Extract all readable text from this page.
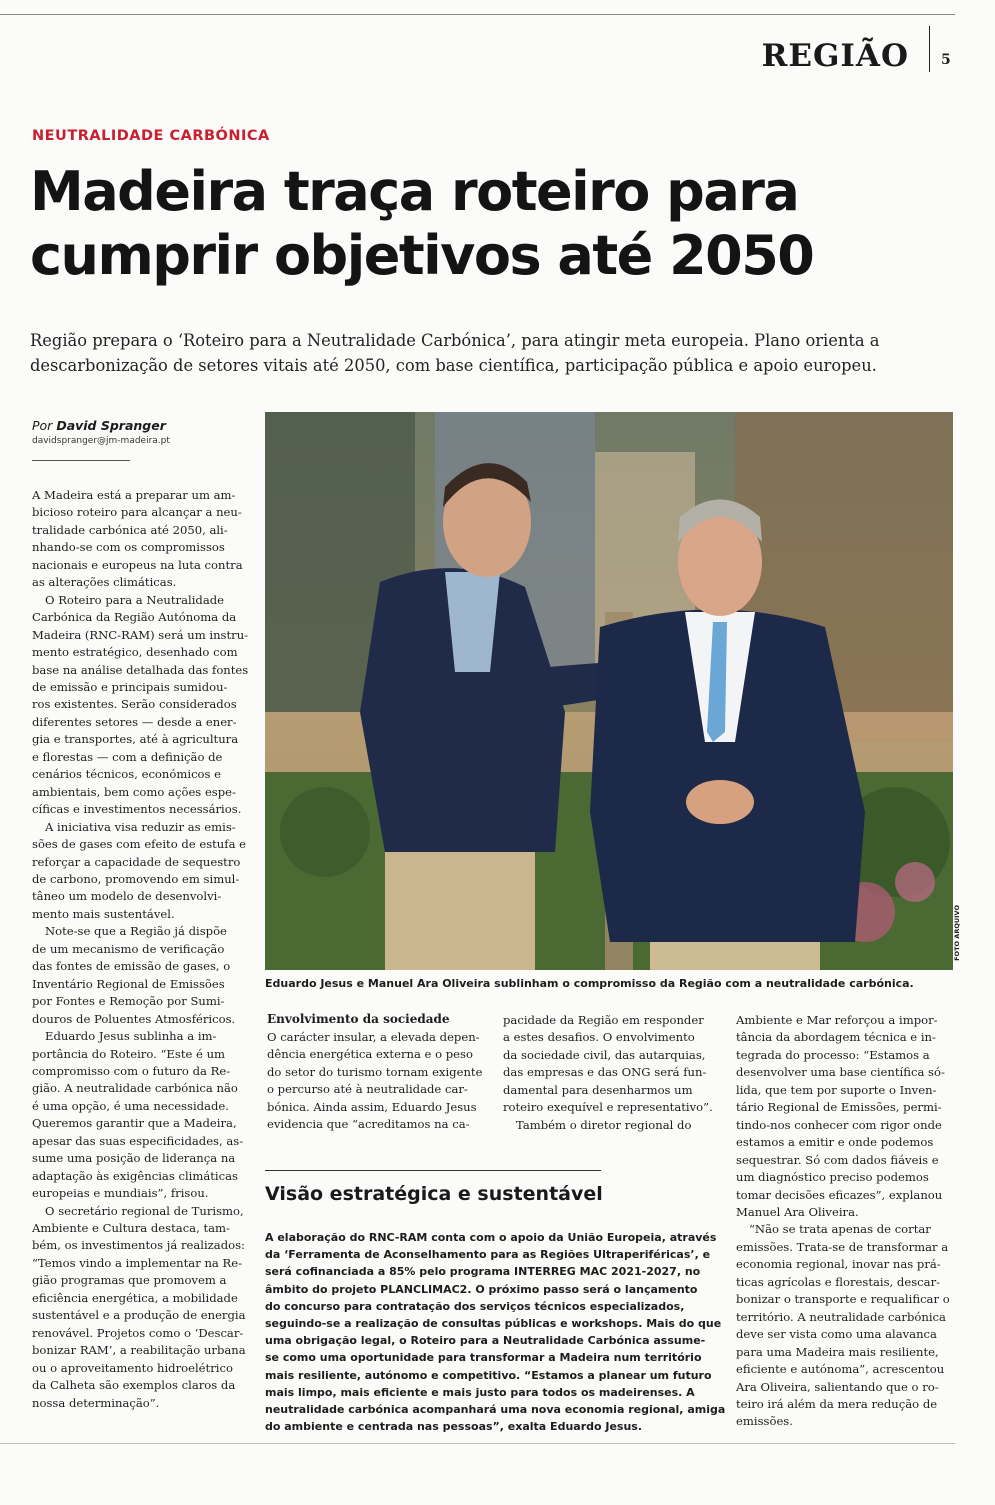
REGIÃO 5
NEUTRALIDADE CARBÓNICA
Madeira traça roteiro para
cumprir objetivos até 2050
Região prepara o ‘Roteiro para a Neutralidade Carbónica’, para atingir meta europeia. Plano orienta a
descarbonização de setores vitais até 2050, com base científica, participação pública e apoio europeu.
Por David Spranger
davidspranger@jm-madeira.pt
A Madeira está a preparar um am-
bicioso roteiro para alcançar a neu-
tralidade carbónica até 2050, ali-
nhando-se com os compromissos
nacionais e europeus na luta contra
as alterações climáticas.
O Roteiro para a Neutralidade
Carbónica da Região Autónoma da
Madeira (RNC-RAM) será um instru-
mento estratégico, desenhado com
base na análise detalhada das fontes
de emissão e principais sumidou-
ros existentes. Serão considerados
diferentes setores — desde a ener-
gia e transportes, até à agricultura
e florestas — com a definição de
cenários técnicos, económicos e
ambientais, bem como ações espe-
cíficas e investimentos necessários.
A iniciativa visa reduzir as emis-
sões de gases com efeito de estufa e
reforçar a capacidade de sequestro
de carbono, promovendo em simul-
tâneo um modelo de desenvolvi-
mento mais sustentável.
Note-se que a Região já dispõe
de um mecanismo de verificação
das fontes de emissão de gases, o
Inventário Regional de Emissões
por Fontes e Remoção por Sumi-
douros de Poluentes Atmosféricos.
Eduardo Jesus sublinha a im-
portância do Roteiro. “Este é um
compromisso com o futuro da Re-
gião. A neutralidade carbónica não
é uma opção, é uma necessidade.
Queremos garantir que a Madeira,
apesar das suas especificidades, as-
sume uma posição de liderança na
adaptação às exigências climáticas
europeias e mundiais”, frisou.
O secretário regional de Turismo,
Ambiente e Cultura destaca, tam-
bém, os investimentos já realizados:
“Temos vindo a implementar na Re-
gião programas que promovem a
eficiência energética, a mobilidade
sustentável e a produção de energia
renovável. Projetos como o ‘Descar-
bonizar RAM’, a reabilitação urbana
ou o aproveitamento hidroelétrico
da Calheta são exemplos claros da
nossa determinação”.
FOTO ARQUIVO
Eduardo Jesus e Manuel Ara Oliveira sublinham o compromisso da Região com a neutralidade carbónica.
Envolvimento da sociedade
O carácter insular, a elevada depen-
dência energética externa e o peso
do setor do turismo tornam exigente
o percurso até à neutralidade car-
bónica. Ainda assim, Eduardo Jesus
evidencia que “acreditamos na ca-
pacidade da Região em responder
a estes desafios. O envolvimento
da sociedade civil, das autarquias,
das empresas e das ONG será fun-
damental para desenharmos um
roteiro exequível e representativo”.
Também o diretor regional do
Ambiente e Mar reforçou a impor-
tância da abordagem técnica e in-
tegrada do processo: “Estamos a
desenvolver uma base científica só-
lida, que tem por suporte o Inven-
tário Regional de Emissões, permi-
tindo-nos conhecer com rigor onde
estamos a emitir e onde podemos
sequestrar. Só com dados fiáveis e
um diagnóstico preciso podemos
tomar decisões eficazes”, explanou
Manuel Ara Oliveira.
“Não se trata apenas de cortar
emissões. Trata-se de transformar a
economia regional, inovar nas prá-
ticas agrícolas e florestais, descar-
bonizar o transporte e requalificar o
território. A neutralidade carbónica
deve ser vista como uma alavanca
para uma Madeira mais resiliente,
eficiente e autónoma”, acrescentou
Ara Oliveira, salientando que o ro-
teiro irá além da mera redução de
emissões.
Visão estratégica e sustentável
A elaboração do RNC-RAM conta com o apoio da União Europeia, através
da ‘Ferramenta de Aconselhamento para as Regiões Ultraperiféricas’, e
será cofinanciada a 85% pelo programa INTERREG MAC 2021-2027, no
âmbito do projeto PLANCLIMAC2. O próximo passo será o lançamento
do concurso para contratação dos serviços técnicos especializados,
seguindo-se a realização de consultas públicas e workshops. Mais do que
uma obrigação legal, o Roteiro para a Neutralidade Carbónica assume-
se como uma oportunidade para transformar a Madeira num território
mais resiliente, autónomo e competitivo. “Estamos a planear um futuro
mais limpo, mais eficiente e mais justo para todos os madeirenses. A
neutralidade carbónica acompanhará uma nova economia regional, amiga
do ambiente e centrada nas pessoas”, exalta Eduardo Jesus.
